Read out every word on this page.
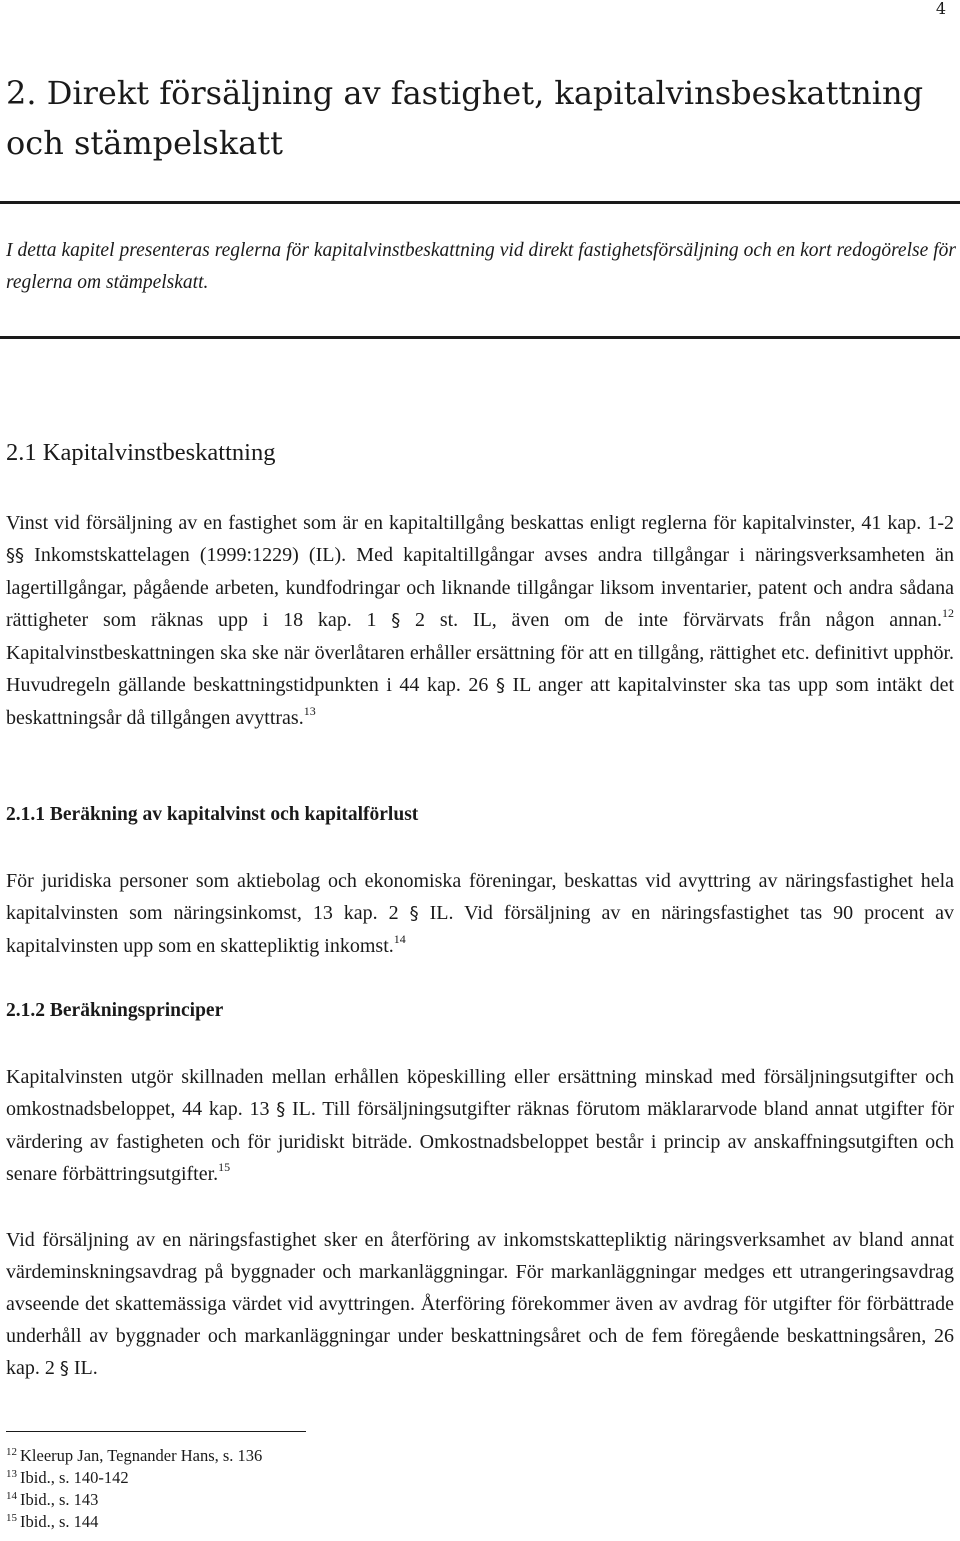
4
2. Direkt försäljning av fastighet, kapitalvinsbeskattning och stämpelskatt

I detta kapitel presenteras reglerna för kapitalvinstbeskattning vid direkt fastighetsförsäljning och en kort redogörelse för reglerna om stämpelskatt.

2.1 Kapitalvinstbeskattning

Vinst vid försäljning av en fastighet som är en kapitaltillgång beskattas enligt reglerna för kapitalvinster, 41 kap. 1-2 §§ Inkomstskattelagen (1999:1229) (IL). Med kapitaltillgångar avses andra tillgångar i näringsverksamheten än lagertillgångar, pågående arbeten, kundfodringar och liknande tillgångar liksom inventarier, patent och andra sådana rättigheter som räknas upp i 18 kap. 1 § 2 st. IL, även om de inte förvärvats från någon annan.$^{12}$ Kapitalvinstbeskattningen ska ske när överlåtaren erhåller ersättning för att en tillgång, rättighet etc. definitivt upphör. Huvudregeln gällande beskattningstidpunkten i 44 kap. 26 § IL anger att kapitalvinster ska tas upp som intäkt det beskattningsår då tillgången avyttras.$^{13}$

2.1.1 Beräkning av kapitalvinst och kapitalförlust

För juridiska personer som aktiebolag och ekonomiska föreningar, beskattas vid avyttring av näringsfastighet hela kapitalvinsten som näringsinkomst, 13 kap. 2 § IL. Vid försäljning av en näringsfastighet tas 90 procent av kapitalvinsten upp som en skattepliktig inkomst.$^{14}$

2.1.2 Beräkningsprinciper

Kapitalvinsten utgör skillnaden mellan erhållen köpeskilling eller ersättning minskad med försäljningsutgifter och omkostnadsbeloppet, 44 kap. 13 § IL. Till försäljningsutgifter räknas förutom mäklararvode bland annat utgifter för värdering av fastigheten och för juridiskt biträde. Omkostnadsbeloppet består i princip av anskaffningsutgiften och senare förbättringsutgifter.$^{15}$

Vid försäljning av en näringsfastighet sker en återföring av inkomstskattepliktig näringsverksamhet av bland annat värdeminskningsavdrag på byggnader och markanläggningar. För markanläggningar medges ett utrangeringsavdrag avseende det skattemässiga värdet vid avyttringen. Återföring förekommer även av avdrag för utgifter för förbättrade underhåll av byggnader och markanläggningar under beskattningsåret och de fem föregående beskattningsåren, 26 kap. 2 § IL.

$^{12}$ Kleerup Jan, Tegnander Hans, s. 136
$^{13}$ Ibid., s. 140-142
$^{14}$ Ibid., s. 143
$^{15}$ Ibid., s. 144
